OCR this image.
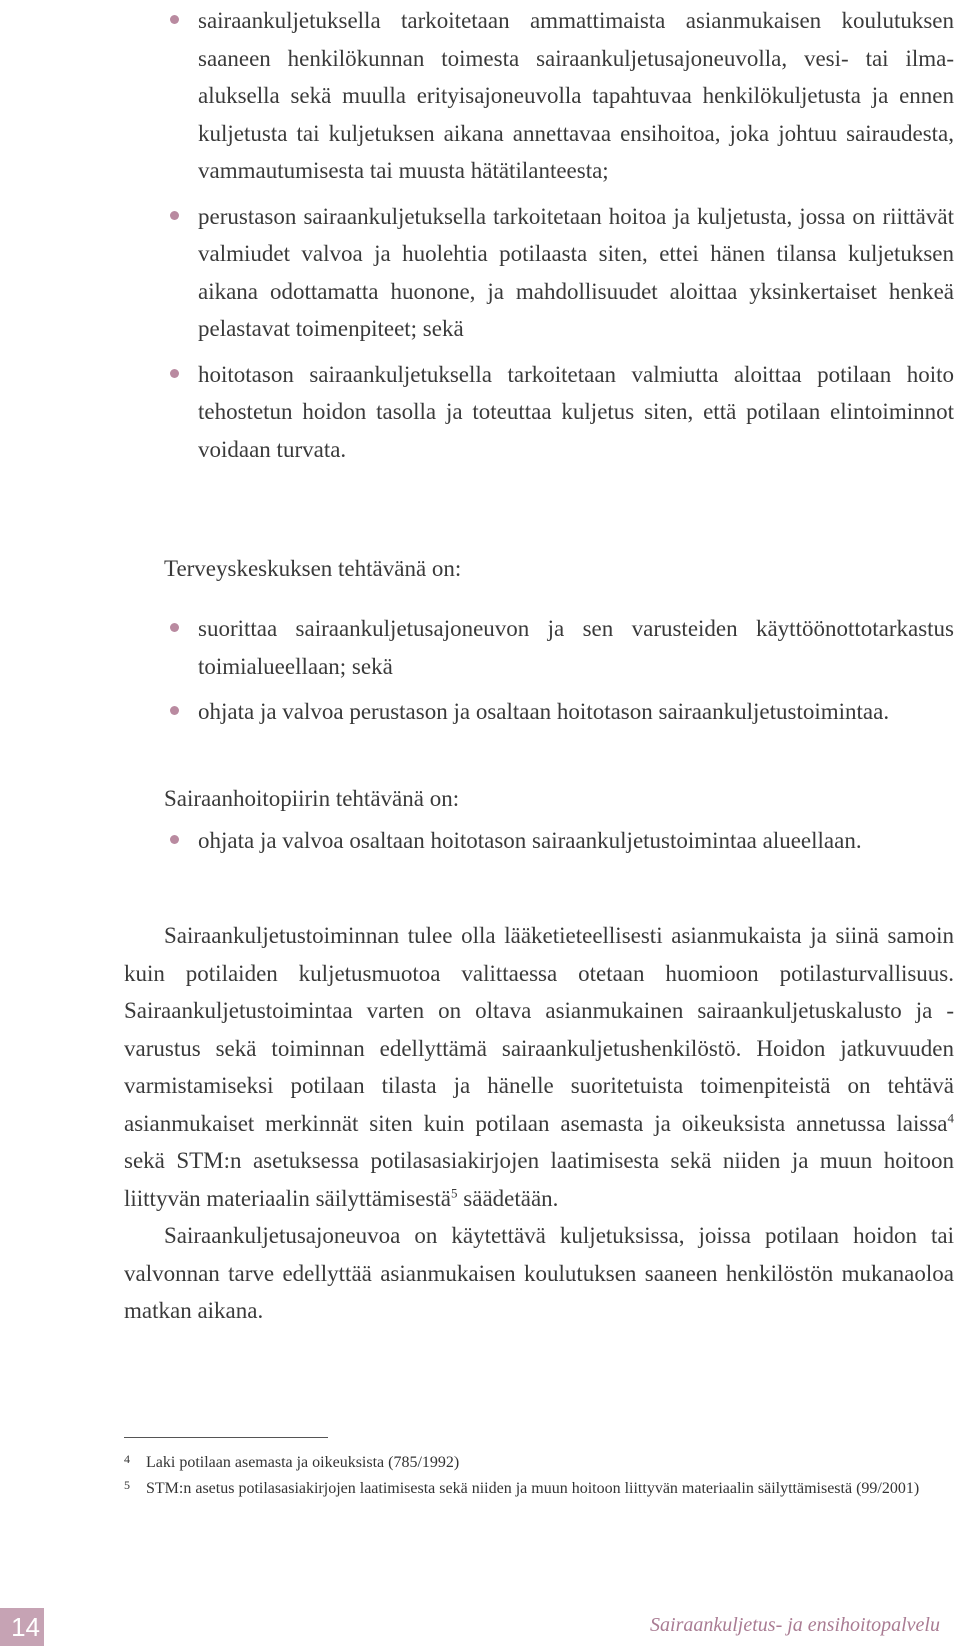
sairaankuljetuksella tarkoitetaan ammattimaista asianmukaisen koulutuksen saaneen henkilökunnan toimesta sairaankuljetusajoneuvolla, vesi- tai ilma-aluksella sekä muulla erityisajoneuvolla tapahtuvaa henkilökuljetusta ja ennen kuljetusta tai kuljetuksen aikana annettavaa ensihoitoa, joka johtuu sairaudesta, vammautumisesta tai muusta hätätilanteesta;
perustason sairaankuljetuksella tarkoitetaan hoitoa ja kuljetusta, jossa on riittävät valmiudet valvoa ja huolehtia potilaasta siten, ettei hänen tilansa kuljetuksen aikana odottamatta huonone, ja mahdollisuudet aloittaa yksinkertaiset henkeä pelastavat toimenpiteet; sekä
hoitotason sairaankuljetuksella tarkoitetaan valmiutta aloittaa potilaan hoito tehostetun hoidon tasolla ja toteuttaa kuljetus siten, että potilaan elintoiminnot voidaan turvata.
Terveyskeskuksen tehtävänä on:
suorittaa sairaankuljetusajoneuvon ja sen varusteiden käyttöönottotarkastus toimialueellaan; sekä
ohjata ja valvoa perustason ja osaltaan hoitotason sairaankuljetustoimintaa.
Sairaanhoitopiirin tehtävänä on:
ohjata ja valvoa osaltaan hoitotason sairaankuljetustoimintaa alueellaan.

Sairaankuljetustoiminnan tulee olla lääketieteellisesti asianmukaista ja siinä samoin kuin potilaiden kuljetusmuotoa valittaessa otetaan huomioon potilasturvallisuus. Sairaankuljetustoimintaa varten on oltava asianmukainen sairaankuljetuskalusto ja -varustus sekä toiminnan edellyttämä sairaankuljetushenkilöstö. Hoidon jatkuvuuden varmistamiseksi potilaan tilasta ja hänelle suoritetuista toimenpiteistä on tehtävä asianmukaiset merkinnät siten kuin potilaan asemasta ja oikeuksista annetussa laissa$^4$ sekä STM:n asetuksessa potilasasiakirjojen laatimisesta sekä niiden ja muun hoitoon liittyvän materiaalin säilyttämisestä$^5$ säädetään.

Sairaankuljetusajoneuvoa on käytettävä kuljetuksissa, joissa potilaan hoidon tai valvonnan tarve edellyttää asianmukaisen koulutuksen saaneen henkilöstön mukanaoloa matkan aikana.

4 Laki potilaan asemasta ja oikeuksista (785/1992)
5 STM:n asetus potilasasiakirjojen laatimisesta sekä niiden ja muun hoitoon liittyvän materiaalin säilyttämisestä (99/2001)
14	Sairaankuljetus- ja ensihoitopalvelu
